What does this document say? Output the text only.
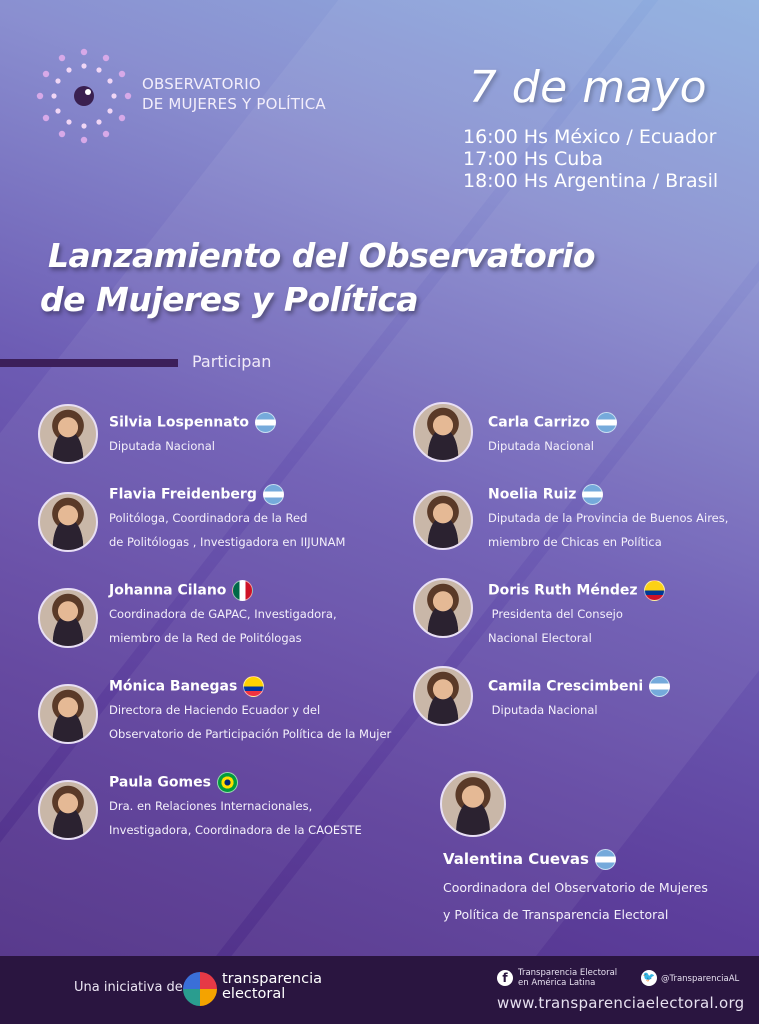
OBSERVATORIO
DE MUJERES Y POLÍTICA	7 de mayo
16:00 Hs México / Ecuador
17:00 Hs Cuba
18:00 Hs Argentina / Brasil
Lanzamiento del Observatorio
de Mujeres y Política
Participan
Silvia Lospennato
Diputada Nacional
Flavia Freidenberg
Politóloga, Coordinadora de la Red
de Politólogas , Investigadora en IIJUNAM
Johanna Cilano
Coordinadora de GAPAC, Investigadora,
miembro de la Red de Politólogas
Mónica Banegas
Directora de Haciendo Ecuador y del
Observatorio de Participación Política de la Mujer
Paula Gomes
Dra. en Relaciones Internacionales,
Investigadora, Coordinadora de la CAOESTE
Carla Carrizo
Diputada Nacional
Noelia Ruiz
Diputada de la Provincia de Buenos Aires,
miembro de Chicas en Política
Doris Ruth Méndez
Presidenta del Consejo
Nacional Electoral
Camila Crescimbeni
Diputada Nacional
Valentina Cuevas
Coordinadora del Observatorio de Mujeres
y Política de Transparencia Electoral
Una iniciativa de
transparencia
electoral
f	Transparencia Electoral
en América Latina	🐦 @TransparenciaAL
www.transparenciaelectoral.org
